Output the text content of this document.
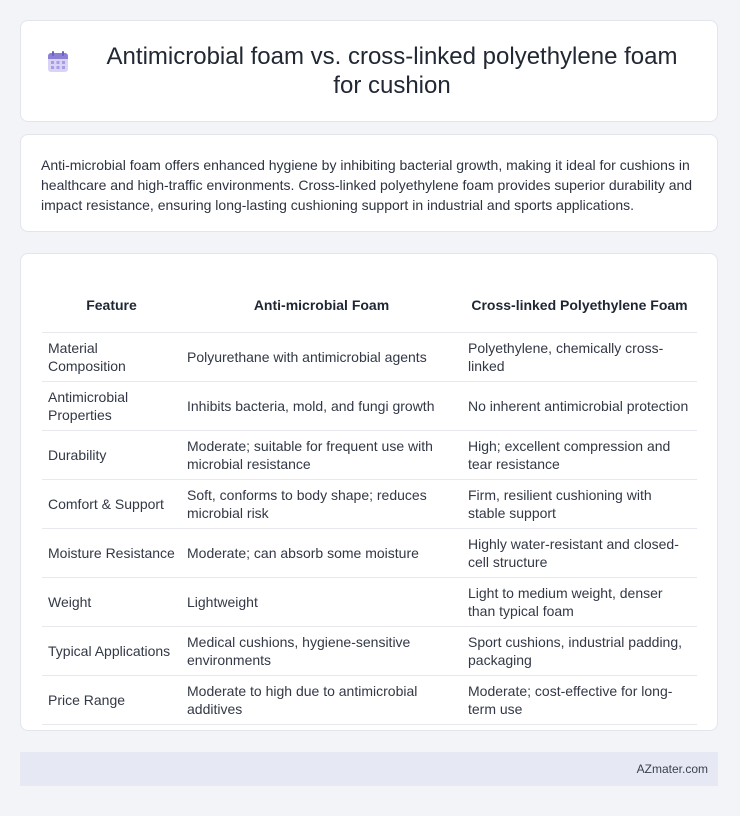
Antimicrobial foam vs. cross-linked polyethylene foam for cushion

Anti-microbial foam offers enhanced hygiene by inhibiting bacterial growth, making it ideal for cushions in healthcare and high-traffic environments. Cross-linked polyethylene foam provides superior durability and impact resistance, ensuring long-lasting cushioning support in industrial and sports applications.

Feature	Anti-microbial Foam	Cross-linked Polyethylene Foam
Material Composition	Polyurethane with antimicrobial agents	Polyethylene, chemically cross-linked
Antimicrobial Properties	Inhibits bacteria, mold, and fungi growth	No inherent antimicrobial protection
Durability	Moderate; suitable for frequent use with microbial resistance	High; excellent compression and tear resistance
Comfort & Support	Soft, conforms to body shape; reduces microbial risk	Firm, resilient cushioning with stable support
Moisture Resistance	Moderate; can absorb some moisture	Highly water-resistant and closed-cell structure
Weight	Lightweight	Light to medium weight, denser than typical foam
Typical Applications	Medical cushions, hygiene-sensitive environments	Sport cushions, industrial padding, packaging
Price Range	Moderate to high due to antimicrobial additives	Moderate; cost-effective for long-term use
AZmater.com
